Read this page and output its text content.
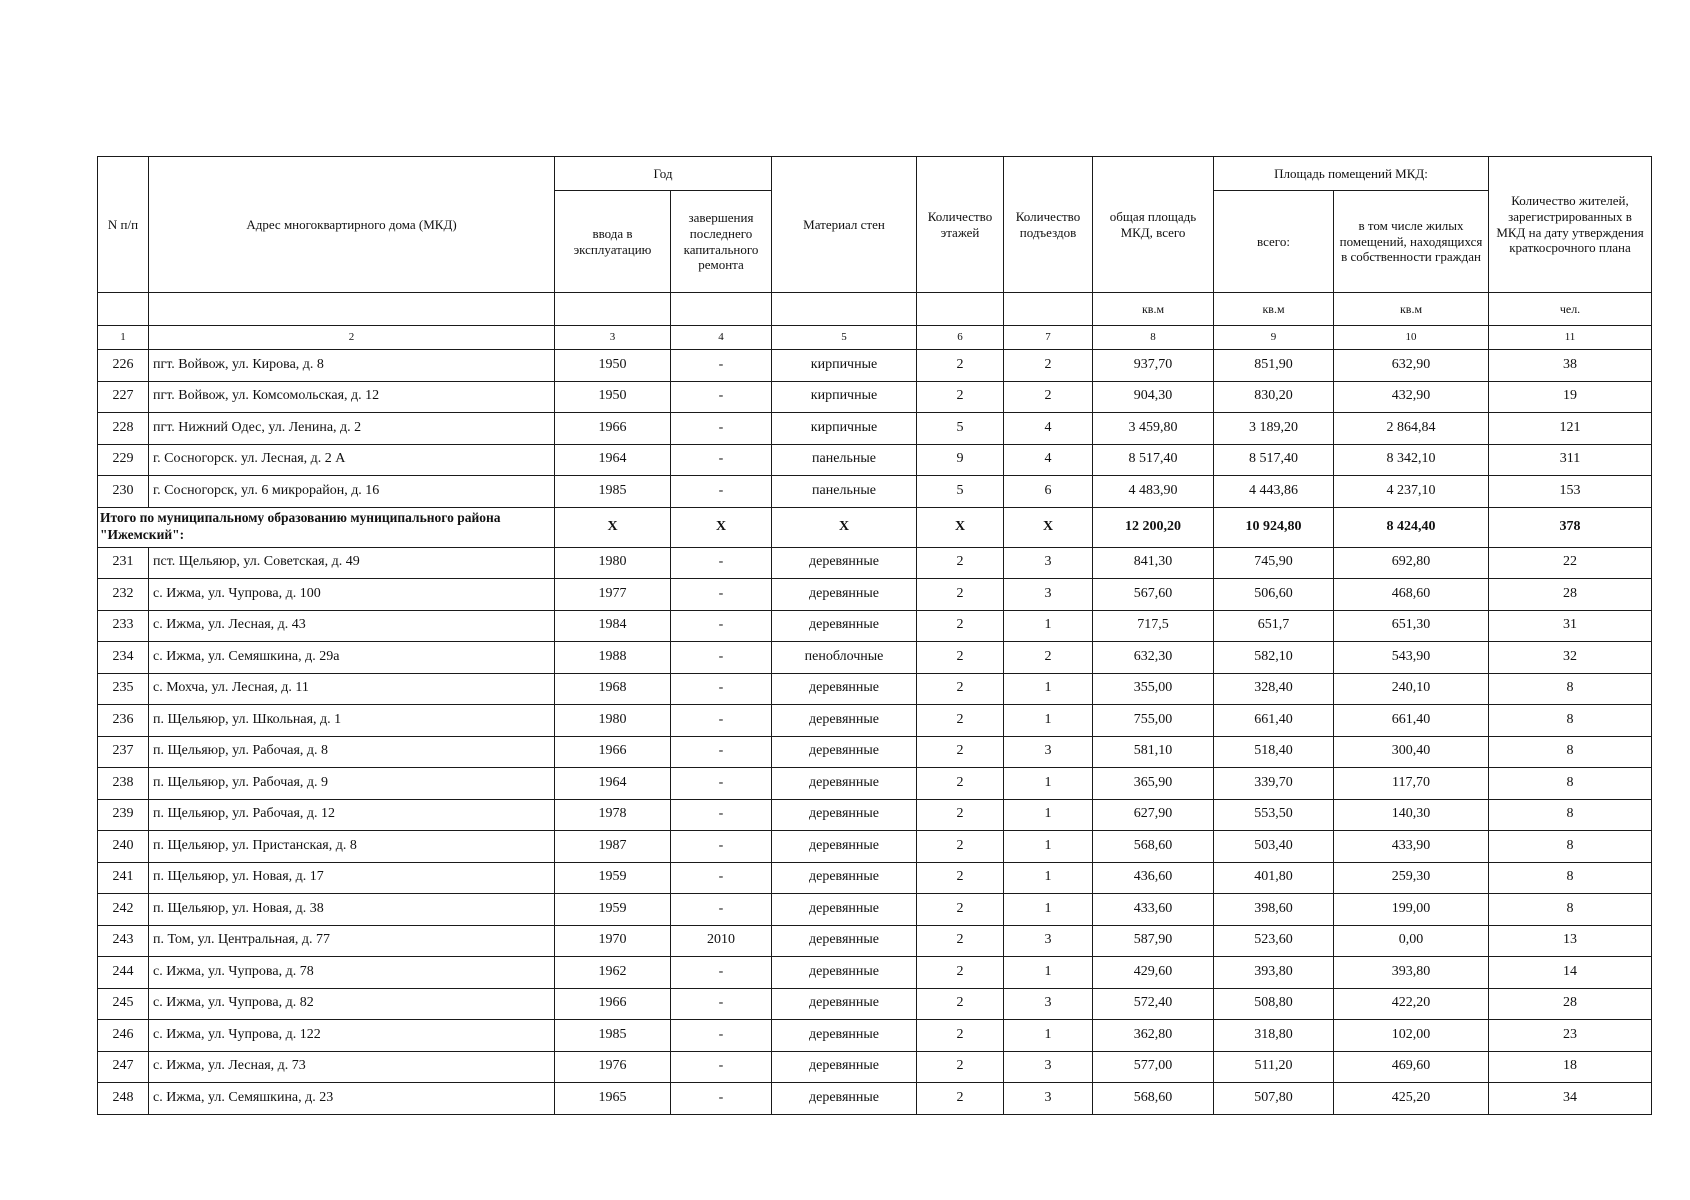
N п/п	Адрес многоквартирного дома (МКД)	Год		Материал стен	Количество этажей	Количество подъездов	общая площадь МКД, всего	Площадь помещений МКД:		Количество жителей, зарегистрированных в МКД на дату утверждения краткосрочного плана
		ввода в эксплуатацию	завершения последнего капитального ремонта					всего:	в том числе жилых помещений, находящихся в собственности граждан	
							кв.м	кв.м	кв.м	чел.
1	2	3	4	5	6	7	8	9	10	11
226	пгт. Войвож, ул. Кирова, д. 8	1950	-	кирпичные	2	2	937,70	851,90	632,90	38
227	пгт. Войвож, ул. Комсомольская, д. 12	1950	-	кирпичные	2	2	904,30	830,20	432,90	19
228	пгт. Нижний Одес, ул. Ленина, д. 2	1966	-	кирпичные	5	4	3 459,80	3 189,20	2 864,84	121
229	г. Сосногорск. ул. Лесная, д. 2 А	1964	-	панельные	9	4	8 517,40	8 517,40	8 342,10	311
230	г. Сосногорск, ул. 6 микрорайон, д. 16	1985	-	панельные	5	6	4 483,90	4 443,86	4 237,10	153
Итого по муниципальному образованию муниципального района "Ижемский":		X	X	X	X	X	12 200,20	10 924,80	8 424,40	378
231	пст. Щельяюр, ул. Советская, д. 49	1980	-	деревянные	2	3	841,30	745,90	692,80	22
232	с. Ижма, ул. Чупрова, д. 100	1977	-	деревянные	2	3	567,60	506,60	468,60	28
233	с. Ижма, ул. Лесная, д. 43	1984	-	деревянные	2	1	717,5	651,7	651,30	31
234	с. Ижма, ул. Семяшкина, д. 29а	1988	-	пеноблочные	2	2	632,30	582,10	543,90	32
235	с. Мохча, ул. Лесная, д. 11	1968	-	деревянные	2	1	355,00	328,40	240,10	8
236	п. Щельяюр, ул. Школьная, д. 1	1980	-	деревянные	2	1	755,00	661,40	661,40	8
237	п. Щельяюр, ул. Рабочая, д. 8	1966	-	деревянные	2	3	581,10	518,40	300,40	8
238	п. Щельяюр, ул. Рабочая, д. 9	1964	-	деревянные	2	1	365,90	339,70	117,70	8
239	п. Щельяюр, ул. Рабочая, д. 12	1978	-	деревянные	2	1	627,90	553,50	140,30	8
240	п. Щельяюр, ул. Пристанская, д. 8	1987	-	деревянные	2	1	568,60	503,40	433,90	8
241	п. Щельяюр, ул. Новая, д. 17	1959	-	деревянные	2	1	436,60	401,80	259,30	8
242	п. Щельяюр, ул. Новая, д. 38	1959	-	деревянные	2	1	433,60	398,60	199,00	8
243	п. Том, ул. Центральная, д. 77	1970	2010	деревянные	2	3	587,90	523,60	0,00	13
244	с. Ижма, ул. Чупрова, д. 78	1962	-	деревянные	2	1	429,60	393,80	393,80	14
245	с. Ижма, ул. Чупрова, д. 82	1966	-	деревянные	2	3	572,40	508,80	422,20	28
246	с. Ижма, ул. Чупрова, д. 122	1985	-	деревянные	2	1	362,80	318,80	102,00	23
247	с. Ижма, ул. Лесная, д. 73	1976	-	деревянные	2	3	577,00	511,20	469,60	18
248	с. Ижма, ул. Семяшкина, д. 23	1965	-	деревянные	2	3	568,60	507,80	425,20	34
